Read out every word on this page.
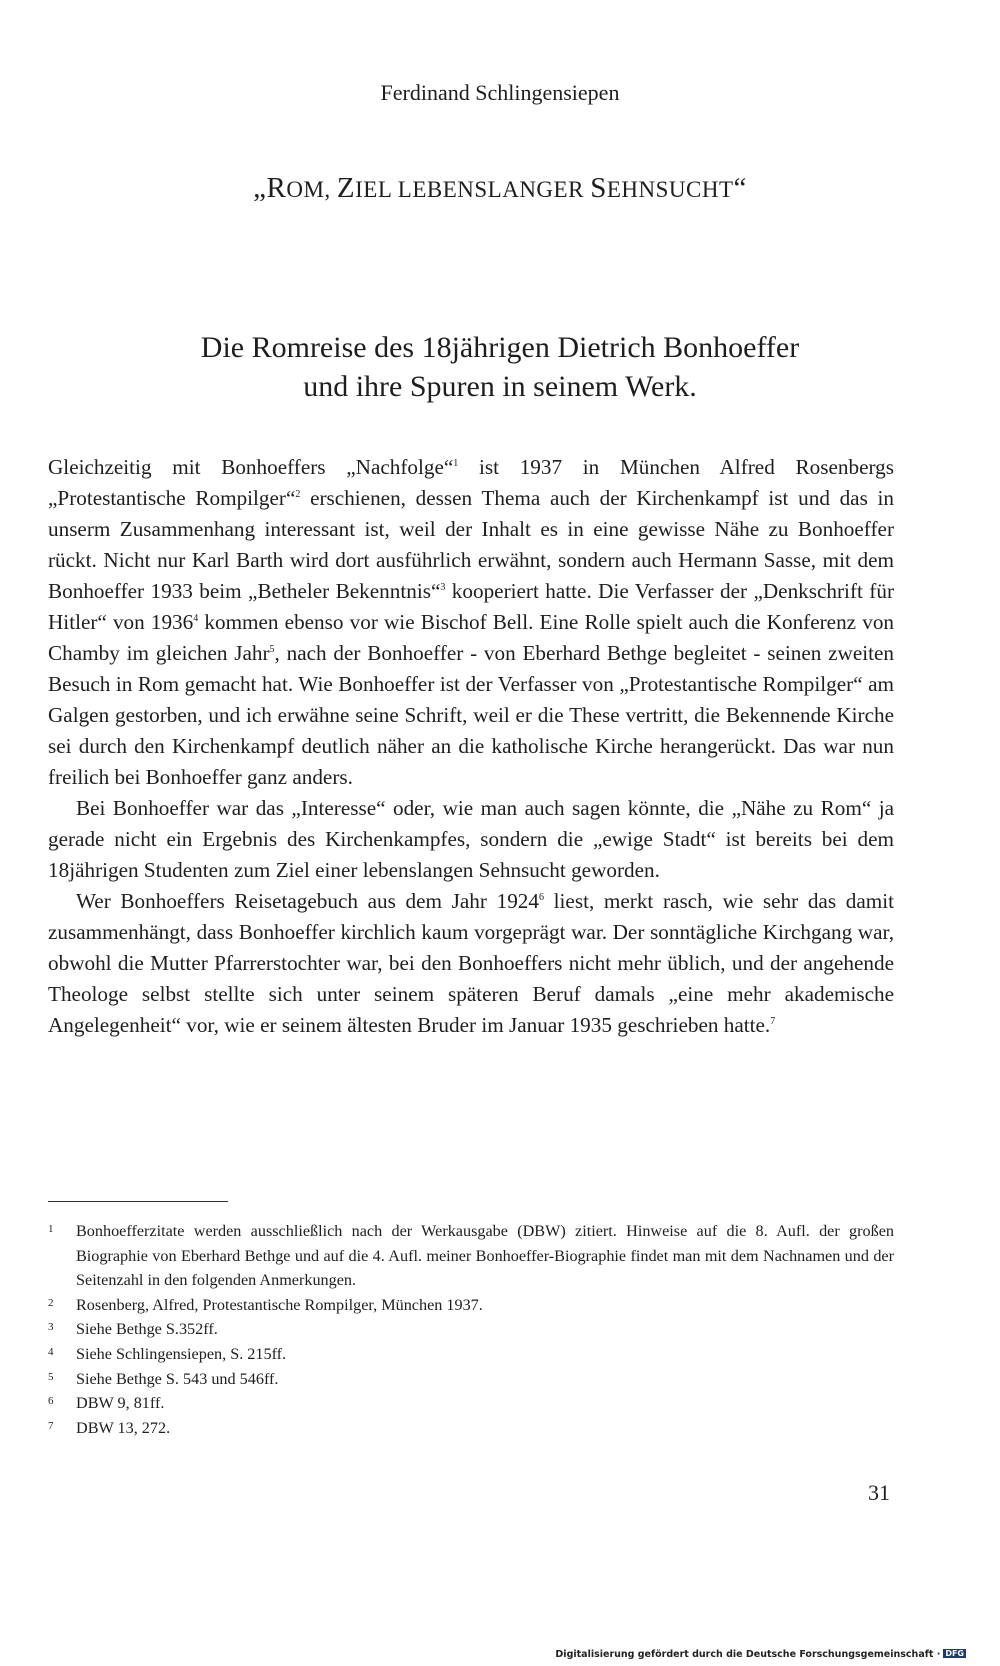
Ferdinand Schlingensiepen
„ROM, ZIEL LEBENSLANGER SEHNSUCHT“
Die Romreise des 18jährigen Dietrich Bonhoeffer
und ihre Spuren in seinem Werk.

Gleichzeitig mit Bonhoeffers „Nachfolge“$^1$ ist 1937 in München Alfred Rosenbergs „Protestantische Rompilger“$^2$ erschienen, dessen Thema auch der Kirchenkampf ist und das in unserm Zusammenhang interessant ist, weil der Inhalt es in eine gewisse Nähe zu Bonhoeffer rückt. Nicht nur Karl Barth wird dort ausführlich erwähnt, sondern auch Hermann Sasse, mit dem Bonhoeffer 1933 beim „Betheler Bekenntnis“$^3$ kooperiert hatte. Die Verfasser der „Denkschrift für Hitler“ von 1936$^4$ kommen ebenso vor wie Bischof Bell. Eine Rolle spielt auch die Konferenz von Chamby im gleichen Jahr$^5$, nach der Bonhoeffer - von Eberhard Bethge begleitet - seinen zweiten Besuch in Rom gemacht hat. Wie Bonhoeffer ist der Verfasser von „Protestantische Rompilger“ am Galgen gestorben, und ich erwähne seine Schrift, weil er die These vertritt, die Bekennende Kirche sei durch den Kirchenkampf deutlich näher an die katholische Kirche herangerückt. Das war nun freilich bei Bonhoeffer ganz anders.

Bei Bonhoeffer war das „Interesse“ oder, wie man auch sagen könnte, die „Nähe zu Rom“ ja gerade nicht ein Ergebnis des Kirchenkampfes, sondern die „ewige Stadt“ ist bereits bei dem 18jährigen Studenten zum Ziel einer lebenslangen Sehnsucht geworden.

Wer Bonhoeffers Reisetagebuch aus dem Jahr 1924$^6$ liest, merkt rasch, wie sehr das damit zusammenhängt, dass Bonhoeffer kirchlich kaum vorgeprägt war. Der sonntägliche Kirchgang war, obwohl die Mutter Pfarrerstochter war, bei den Bonhoeffers nicht mehr üblich, und der angehende Theologe selbst stellte sich unter seinem späteren Beruf damals „eine mehr akademische Angelegenheit“ vor, wie er seinem ältesten Bruder im Januar 1935 geschrieben hatte.$^7$

1 Bonhoefferzitate werden ausschließlich nach der Werkausgabe (DBW) zitiert. Hinweise auf die 8. Aufl. der großen Biographie von Eberhard Bethge und auf die 4. Aufl. meiner Bonhoeffer-Biographie findet man mit dem Nachnamen und der Seitenzahl in den folgenden Anmerkungen.
2 Rosenberg, Alfred, Protestantische Rompilger, München 1937.
3 Siehe Bethge S.352ff.
4 Siehe Schlingensiepen, S. 215ff.
5 Siehe Bethge S. 543 und 546ff.
6 DBW 9, 81ff.
7 DBW 13, 272.
31
Digitalisierung gefördert durch die Deutsche Forschungsgemeinschaft · DFG
